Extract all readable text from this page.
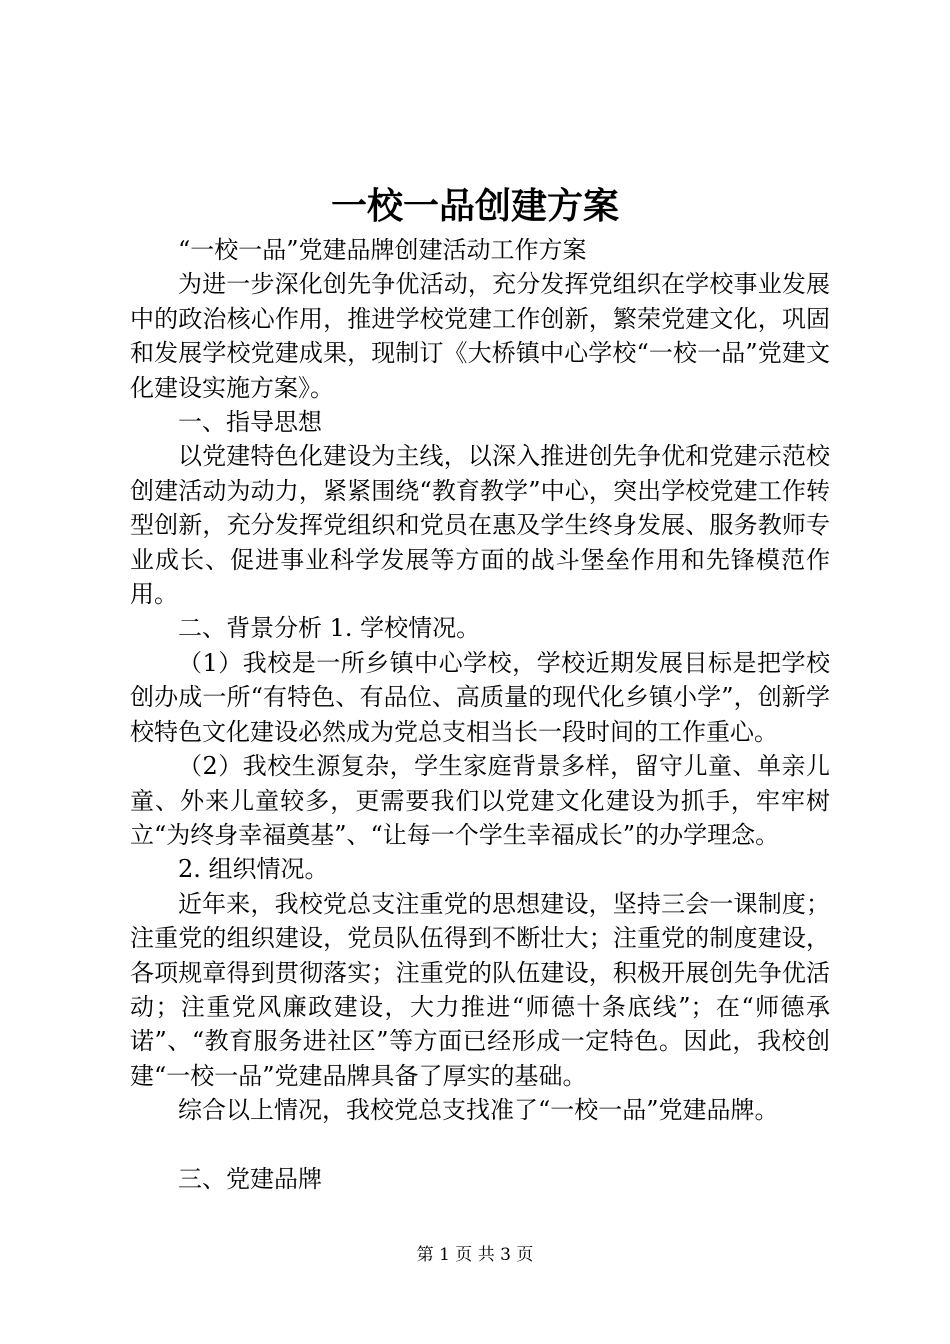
一校一品创建方案

“一校一品”党建品牌创建活动工作方案

为进一步深化创先争优活动，充分发挥党组织在学校事业发展中的政治核心作用，推进学校党建工作创新，繁荣党建文化，巩固和发展学校党建成果，现制订《大桥镇中心学校“一校一品”党建文化建设实施方案》。

一、指导思想

以党建特色化建设为主线，以深入推进创先争优和党建示范校创建活动为动力，紧紧围绕“教育教学”中心，突出学校党建工作转型创新，充分发挥党组织和党员在惠及学生终身发展、服务教师专业成长、促进事业科学发展等方面的战斗堡垒作用和先锋模范作用。

二、背景分析 1. 学校情况。

（1）我校是一所乡镇中心学校，学校近期发展目标是把学校创办成一所“有特色、有品位、高质量的现代化乡镇小学”，创新学校特色文化建设必然成为党总支相当长一段时间的工作重心。

（2）我校生源复杂，学生家庭背景多样，留守儿童、单亲儿童、外来儿童较多，更需要我们以党建文化建设为抓手，牢牢树立“为终身幸福奠基”、“让每一个学生幸福成长”的办学理念。

2. 组织情况。

近年来，我校党总支注重党的思想建设，坚持三会一课制度；注重党的组织建设，党员队伍得到不断壮大；注重党的制度建设，各项规章得到贯彻落实；注重党的队伍建设，积极开展创先争优活动；注重党风廉政建设，大力推进“师德十条底线”；在“师德承诺”、“教育服务进社区”等方面已经形成一定特色。因此，我校创建“一校一品”党建品牌具备了厚实的基础。

综合以上情况，我校党总支找准了“一校一品”党建品牌。

三、党建品牌

第 1 页 共 3 页
